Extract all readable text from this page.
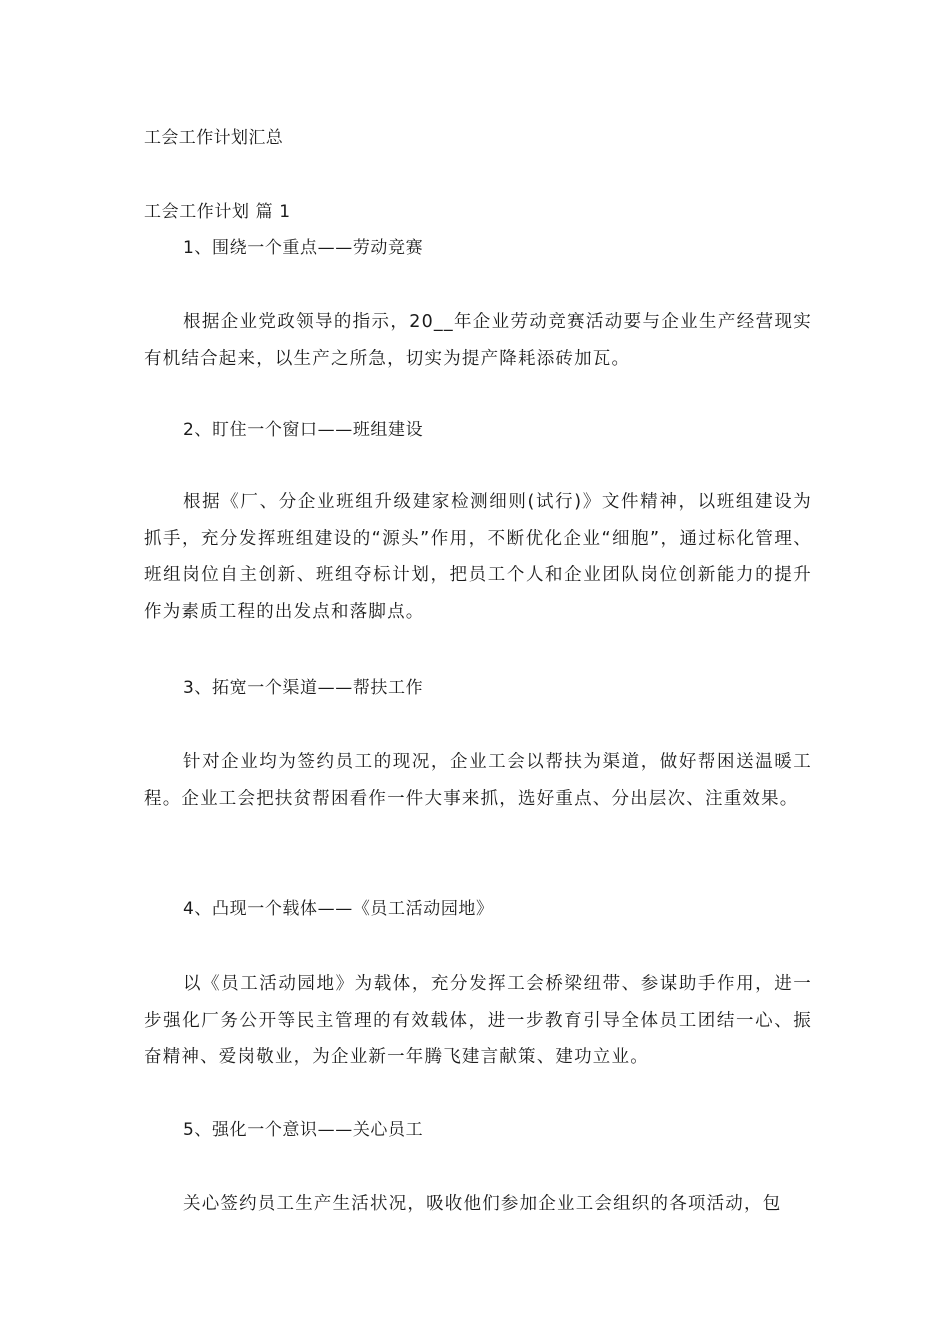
工会工作计划汇总
工会工作计划 篇 1
1、围绕一个重点——劳动竞赛
根据企业党政领导的指示，20__年企业劳动竞赛活动要与企业生产经营现实有机结合起来，以生产之所急，切实为提产降耗添砖加瓦。
2、盯住一个窗口——班组建设
根据《厂、分企业班组升级建家检测细则(试行)》文件精神，以班组建设为抓手，充分发挥班组建设的“源头”作用，不断优化企业“细胞”，通过标化管理、班组岗位自主创新、班组夺标计划，把员工个人和企业团队岗位创新能力的提升作为素质工程的出发点和落脚点。
3、拓宽一个渠道——帮扶工作
针对企业均为签约员工的现况，企业工会以帮扶为渠道，做好帮困送温暖工程。企业工会把扶贫帮困看作一件大事来抓，选好重点、分出层次、注重效果。
4、凸现一个载体——《员工活动园地》
以《员工活动园地》为载体，充分发挥工会桥梁纽带、参谋助手作用，进一步强化厂务公开等民主管理的有效载体，进一步教育引导全体员工团结一心、振奋精神、爱岗敬业，为企业新一年腾飞建言献策、建功立业。
5、强化一个意识——关心员工
关心签约员工生产生活状况，吸收他们参加企业工会组织的各项活动，包
